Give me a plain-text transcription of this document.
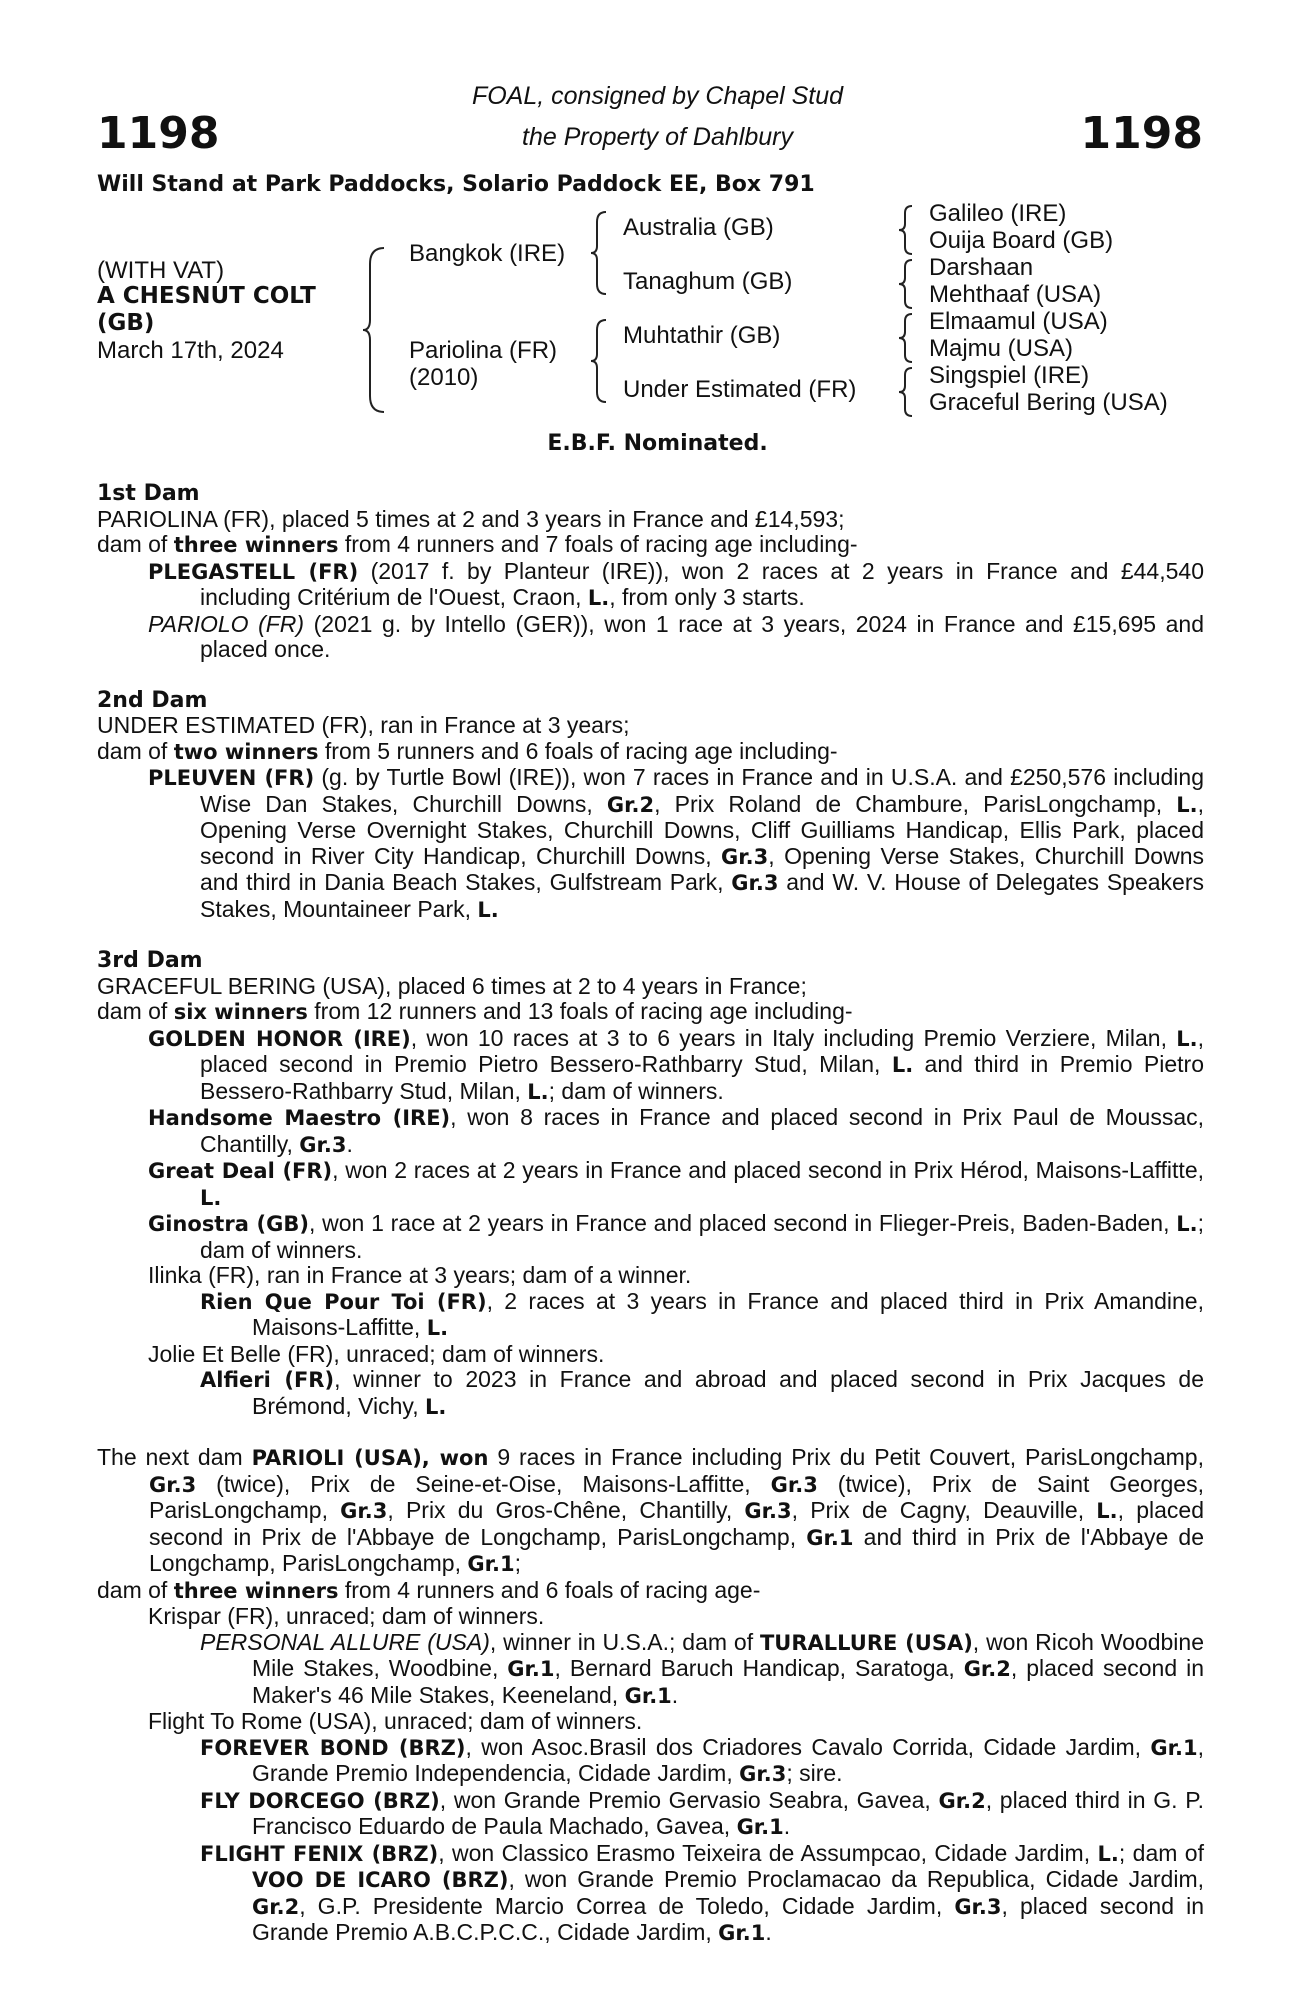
1198	1198
FOAL, consigned by Chapel Stud
the Property of Dahlbury
Will Stand at Park Paddocks, Solario Paddock EE, Box 791
(WITH VAT)
A CHESNUT COLT
(GB)
March 17th, 2024
Bangkok (IRE)
Pariolina (FR)
(2010)
Australia (GB)
Tanaghum (GB)
Muhtathir (GB)
Under Estimated (FR)
Galileo (IRE)
Ouija Board (GB)
Darshaan
Mehthaaf (USA)
Elmaamul (USA)
Majmu (USA)
Singspiel (IRE)
Graceful Bering (USA)
E.B.F. Nominated.

1st Dam

PARIOLINA (FR), placed 5 times at 2 and 3 years in France and £14,593;

dam of three winners from 4 runners and 7 foals of racing age including-

PLEGASTELL (FR) (2017 f. by Planteur (IRE)), won 2 races at 2 years in France and £44,540 including Critérium de l'Ouest, Craon, L., from only 3 starts.

PARIOLO (FR) (2021 g. by Intello (GER)), won 1 race at 3 years, 2024 in France and £15,695 and placed once.

2nd Dam

UNDER ESTIMATED (FR), ran in France at 3 years;

dam of two winners from 5 runners and 6 foals of racing age including-

PLEUVEN (FR) (g. by Turtle Bowl (IRE)), won 7 races in France and in U.S.A. and £250,576 including Wise Dan Stakes, Churchill Downs, Gr.2, Prix Roland de Chambure, ParisLongchamp, L., Opening Verse Overnight Stakes, Churchill Downs, Cliff Guilliams Handicap, Ellis Park, placed second in River City Handicap, Churchill Downs, Gr.3, Opening Verse Stakes, Churchill Downs and third in Dania Beach Stakes, Gulfstream Park, Gr.3 and W. V. House of Delegates Speakers Stakes, Mountaineer Park, L.

3rd Dam

GRACEFUL BERING (USA), placed 6 times at 2 to 4 years in France;

dam of six winners from 12 runners and 13 foals of racing age including-

GOLDEN HONOR (IRE), won 10 races at 3 to 6 years in Italy including Premio Verziere, Milan, L., placed second in Premio Pietro Bessero-Rathbarry Stud, Milan, L. and third in Premio Pietro Bessero-Rathbarry Stud, Milan, L.; dam of winners.

Handsome Maestro (IRE), won 8 races in France and placed second in Prix Paul de Moussac, Chantilly, Gr.3.

Great Deal (FR), won 2 races at 2 years in France and placed second in Prix Hérod, Maisons-Laffitte, L.

Ginostra (GB), won 1 race at 2 years in France and placed second in Flieger-Preis, Baden-Baden, L.; dam of winners.

Ilinka (FR), ran in France at 3 years; dam of a winner.

Rien Que Pour Toi (FR), 2 races at 3 years in France and placed third in Prix Amandine, Maisons-Laffitte, L.

Jolie Et Belle (FR), unraced; dam of winners.

Alfieri (FR), winner to 2023 in France and abroad and placed second in Prix Jacques de Brémond, Vichy, L.

The next dam PARIOLI (USA), won 9 races in France including Prix du Petit Couvert, ParisLongchamp, Gr.3 (twice), Prix de Seine-et-Oise, Maisons-Laffitte, Gr.3 (twice), Prix de Saint Georges, ParisLongchamp, Gr.3, Prix du Gros-Chêne, Chantilly, Gr.3, Prix de Cagny, Deauville, L., placed second in Prix de l'Abbaye de Longchamp, ParisLongchamp, Gr.1 and third in Prix de l'Abbaye de Longchamp, ParisLongchamp, Gr.1;

dam of three winners from 4 runners and 6 foals of racing age-

Krispar (FR), unraced; dam of winners.

PERSONAL ALLURE (USA), winner in U.S.A.; dam of TURALLURE (USA), won Ricoh Woodbine Mile Stakes, Woodbine, Gr.1, Bernard Baruch Handicap, Saratoga, Gr.2, placed second in Maker's 46 Mile Stakes, Keeneland, Gr.1.

Flight To Rome (USA), unraced; dam of winners.

FOREVER BOND (BRZ), won Asoc.Brasil dos Criadores Cavalo Corrida, Cidade Jardim, Gr.1, Grande Premio Independencia, Cidade Jardim, Gr.3; sire.

FLY DORCEGO (BRZ), won Grande Premio Gervasio Seabra, Gavea, Gr.2, placed third in G. P. Francisco Eduardo de Paula Machado, Gavea, Gr.1.

FLIGHT FENIX (BRZ), won Classico Erasmo Teixeira de Assumpcao, Cidade Jardim, L.; dam of VOO DE ICARO (BRZ), won Grande Premio Proclamacao da Republica, Cidade Jardim, Gr.2, G.P. Presidente Marcio Correa de Toledo, Cidade Jardim, Gr.3, placed second in Grande Premio A.B.C.P.C.C., Cidade Jardim, Gr.1.
